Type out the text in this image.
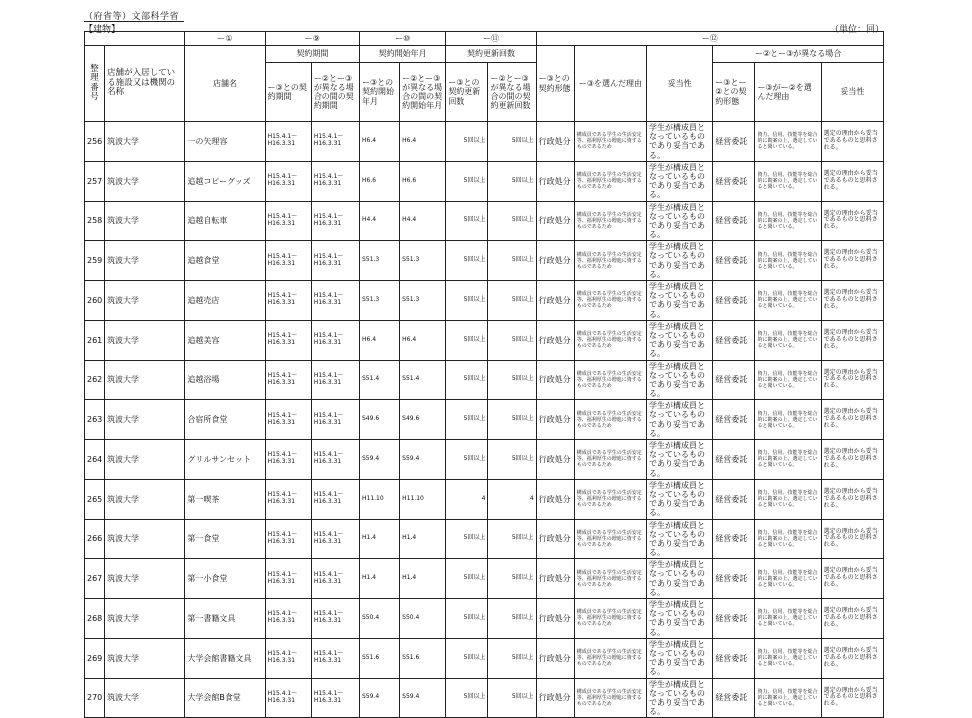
（府省等）文部科学省
【建物】	（単位：回）
		ー①	ー⑨		ー⑩		ー⑪		ー⑫					
整理番号	店舗が入居している施設又は機関の名称	店舗名	契約期間		契約開始年月		契約更新回数		ー③との契約形態	ー③を選んだ理由	妥当性	ー②とー③が異なる場合		
			ー③との契約期間	ー②とー③が異なる場合の間の契約期間	ー③との契約開始年月	ー②とー③が異なる場合の間の契約開始年月	ー③との契約更新回数	ー②とー③が異なる場合の間の契約更新回数				ー③とー②との契約形態	ー③がー②を選んだ理由	妥当性
256	筑波大学	一の矢理容	H15.4.1～H16.3.31	H15.4.1～H16.3.31	H6.4	H6.4	5回以上	5回以上	行政処分	構成員である学生の生活安定等、福利厚生の増進に資するものであるため	学生が構成員となっているものであり妥当である。	経営委託	資力、信用、技能等を総合的に勘案の上、選定していると聞いている。	選定の理由から妥当であるものと思料される。
257	筑波大学	追越コピーグッズ	H15.4.1～H16.3.31	H15.4.1～H16.3.31	H6.6	H6.6	5回以上	5回以上	行政処分	構成員である学生の生活安定等、福利厚生の増進に資するものであるため	学生が構成員となっているものであり妥当である。	経営委託	資力、信用、技能等を総合的に勘案の上、選定していると聞いている。	選定の理由から妥当であるものと思料される。
258	筑波大学	追越自転車	H15.4.1～H16.3.31	H15.4.1～H16.3.31	H4.4	H4.4	5回以上	5回以上	行政処分	構成員である学生の生活安定等、福利厚生の増進に資するものであるため	学生が構成員となっているものであり妥当である。	経営委託	資力、信用、技能等を総合的に勘案の上、選定していると聞いている。	選定の理由から妥当であるものと思料される。
259	筑波大学	追越食堂	H15.4.1～H16.3.31	H15.4.1～H16.3.31	S51.3	S51.3	5回以上	5回以上	行政処分	構成員である学生の生活安定等、福利厚生の増進に資するものであるため	学生が構成員となっているものであり妥当である。	経営委託	資力、信用、技能等を総合的に勘案の上、選定していると聞いている。	選定の理由から妥当であるものと思料される。
260	筑波大学	追越売店	H15.4.1～H16.3.31	H15.4.1～H16.3.31	S51.3	S51.3	5回以上	5回以上	行政処分	構成員である学生の生活安定等、福利厚生の増進に資するものであるため	学生が構成員となっているものであり妥当である。	経営委託	資力、信用、技能等を総合的に勘案の上、選定していると聞いている。	選定の理由から妥当であるものと思料される。
261	筑波大学	追越美容	H15.4.1～H16.3.31	H15.4.1～H16.3.31	H6.4	H6.4	5回以上	5回以上	行政処分	構成員である学生の生活安定等、福利厚生の増進に資するものであるため	学生が構成員となっているものであり妥当である。	経営委託	資力、信用、技能等を総合的に勘案の上、選定していると聞いている。	選定の理由から妥当であるものと思料される。
262	筑波大学	追越浴場	H15.4.1～H16.3.31	H15.4.1～H16.3.31	S51.4	S51.4	5回以上	5回以上	行政処分	構成員である学生の生活安定等、福利厚生の増進に資するものであるため	学生が構成員となっているものであり妥当である。	経営委託	資力、信用、技能等を総合的に勘案の上、選定していると聞いている。	選定の理由から妥当であるものと思料される。
263	筑波大学	合宿所食堂	H15.4.1～H16.3.31	H15.4.1～H16.3.31	S49.6	S49.6	5回以上	5回以上	行政処分	構成員である学生の生活安定等、福利厚生の増進に資するものであるため	学生が構成員となっているものであり妥当である。	経営委託	資力、信用、技能等を総合的に勘案の上、選定していると聞いている。	選定の理由から妥当であるものと思料される。
264	筑波大学	グリルサンセット	H15.4.1～H16.3.31	H15.4.1～H16.3.31	S59.4	S59.4	5回以上	5回以上	行政処分	構成員である学生の生活安定等、福利厚生の増進に資するものであるため	学生が構成員となっているものであり妥当である。	経営委託	資力、信用、技能等を総合的に勘案の上、選定していると聞いている。	選定の理由から妥当であるものと思料される。
265	筑波大学	第一喫茶	H15.4.1～H16.3.31	H15.4.1～H16.3.31	H11.10	H11.10	4	4	行政処分	構成員である学生の生活安定等、福利厚生の増進に資するものであるため	学生が構成員となっているものであり妥当である。	経営委託	資力、信用、技能等を総合的に勘案の上、選定していると聞いている。	選定の理由から妥当であるものと思料される。
266	筑波大学	第一食堂	H15.4.1～H16.3.31	H15.4.1～H16.3.31	H1.4	H1.4	5回以上	5回以上	行政処分	構成員である学生の生活安定等、福利厚生の増進に資するものであるため	学生が構成員となっているものであり妥当である。	経営委託	資力、信用、技能等を総合的に勘案の上、選定していると聞いている。	選定の理由から妥当であるものと思料される。
267	筑波大学	第一小食堂	H15.4.1～H16.3.31	H15.4.1～H16.3.31	H1.4	H1.4	5回以上	5回以上	行政処分	構成員である学生の生活安定等、福利厚生の増進に資するものであるため	学生が構成員となっているものであり妥当である。	経営委託	資力、信用、技能等を総合的に勘案の上、選定していると聞いている。	選定の理由から妥当であるものと思料される。
268	筑波大学	第一書籍文具	H15.4.1～H16.3.31	H15.4.1～H16.3.31	S50.4	S50.4	5回以上	5回以上	行政処分	構成員である学生の生活安定等、福利厚生の増進に資するものであるため	学生が構成員となっているものであり妥当である。	経営委託	資力、信用、技能等を総合的に勘案の上、選定していると聞いている。	選定の理由から妥当であるものと思料される。
269	筑波大学	大学会館書籍文具	H15.4.1～H16.3.31	H15.4.1～H16.3.31	S51.6	S51.6	5回以上	5回以上	行政処分	構成員である学生の生活安定等、福利厚生の増進に資するものであるため	学生が構成員となっているものであり妥当である。	経営委託	資力、信用、技能等を総合的に勘案の上、選定していると聞いている。	選定の理由から妥当であるものと思料される。
270	筑波大学	大学会館B食堂	H15.4.1～H16.3.31	H15.4.1～H16.3.31	S59.4	S59.4	5回以上	5回以上	行政処分	構成員である学生の生活安定等、福利厚生の増進に資するものであるため	学生が構成員となっているものであり妥当である。	経営委託	資力、信用、技能等を総合的に勘案の上、選定していると聞いている。	選定の理由から妥当であるものと思料される。
